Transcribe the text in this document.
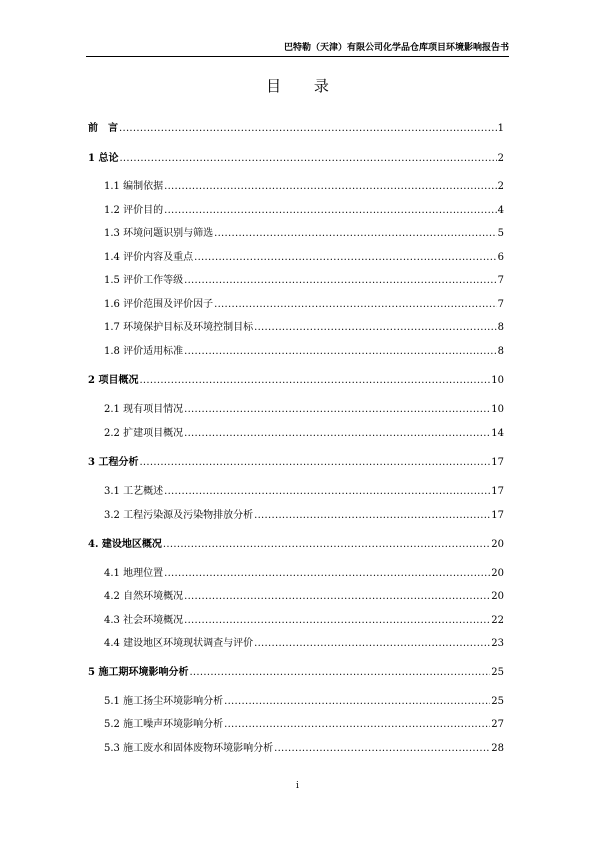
巴特勒（天津）有限公司化学品仓库项目环境影响报告书
目 录
前　言 .....	1
1 总论 .....	2
1.1 编制依据 .....	2
1.2 评价目的 .....	4
1.3 环境问题识别与筛选 .....	5
1.4 评价内容及重点 .....	6
1.5 评价工作等级 .....	7
1.6 评价范围及评价因子 .....	7
1.7 环境保护目标及环境控制目标 .....	8
1.8 评价适用标准 .....	8
2 项目概况 .....	10
2.1 现有项目情况 .....	10
2.2 扩建项目概况 .....	14
3 工程分析 .....	17
3.1 工艺概述 .....	17
3.2 工程污染源及污染物排放分析 .....	17
4. 建设地区概况 .....	20
4.1 地理位置 .....	20
4.2 自然环境概况 .....	20
4.3 社会环境概况 .....	22
4.4 建设地区环境现状调查与评价 .....	23
5 施工期环境影响分析 .....	25
5.1 施工扬尘环境影响分析 .....	25
5.2 施工噪声环境影响分析 .....	27
5.3 施工废水和固体废物环境影响分析 .....	28
i
